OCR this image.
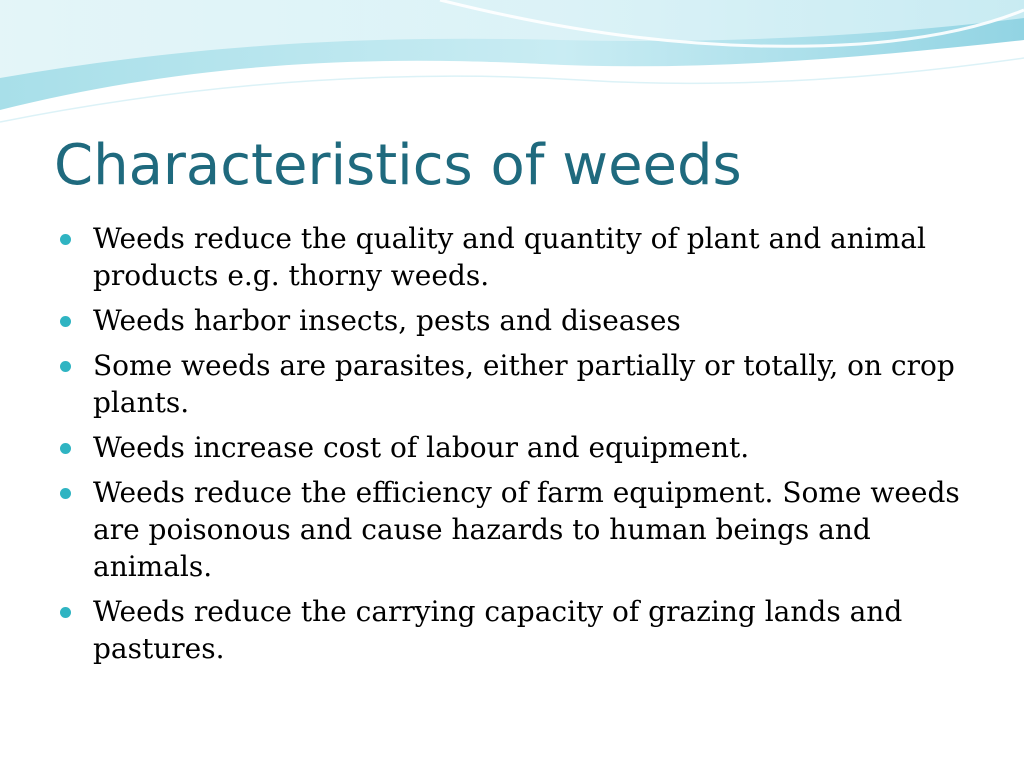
Characteristics of weeds
Weeds reduce the quality and quantity of plant and animal products e.g. thorny weeds.
Weeds harbor insects, pests and diseases
Some weeds are parasites, either partially or totally, on crop plants.
Weeds increase cost of labour and equipment.
Weeds reduce the efficiency of farm equipment. Some weeds are poisonous and cause hazards to human beings and animals.
Weeds reduce the carrying capacity of grazing lands and pastures.
